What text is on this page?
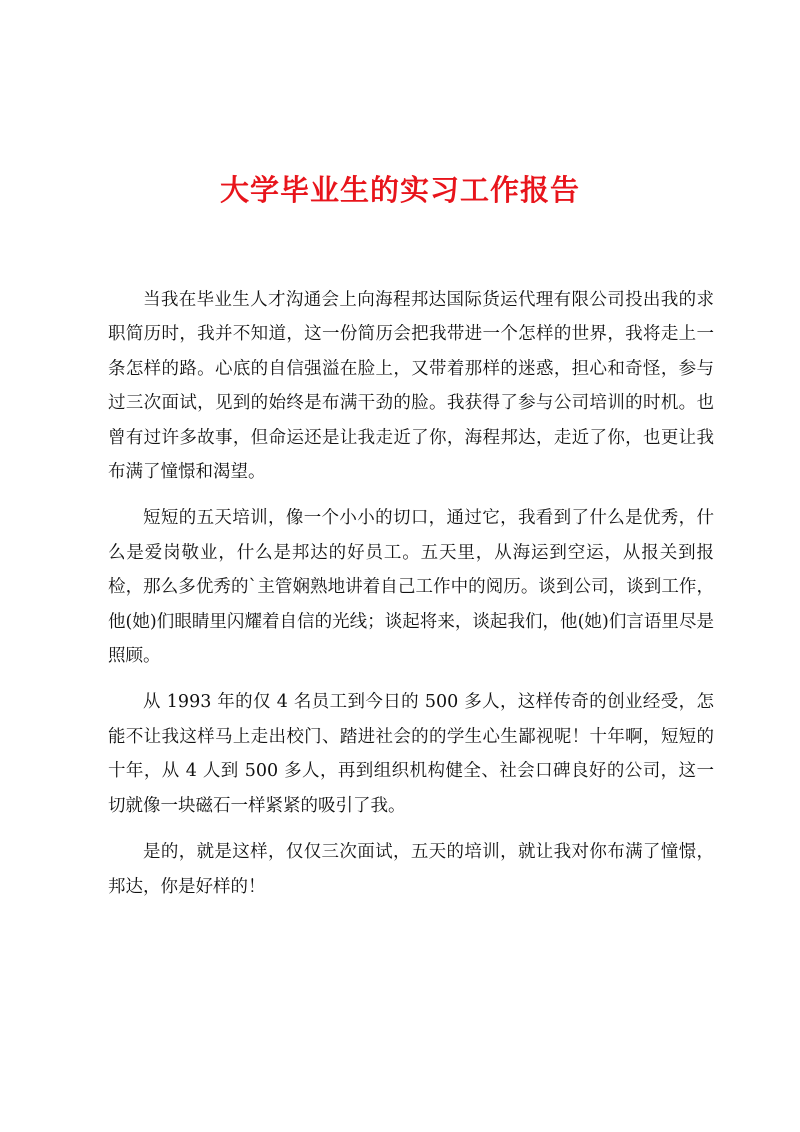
大学毕业生的实习工作报告

当我在毕业生人才沟通会上向海程邦达国际货运代理有限公司投出我的求职简历时，我并不知道，这一份简历会把我带进一个怎样的世界，我将走上一条怎样的路。心底的自信强溢在脸上，又带着那样的迷惑，担心和奇怪，参与过三次面试，见到的始终是布满干劲的脸。我获得了参与公司培训的时机。也曾有过许多故事，但命运还是让我走近了你，海程邦达，走近了你，也更让我布满了憧憬和渴望。

短短的五天培训，像一个小小的切口，通过它，我看到了什么是优秀，什么是爱岗敬业，什么是邦达的好员工。五天里，从海运到空运，从报关到报检，那么多优秀的`主管娴熟地讲着自己工作中的阅历。谈到公司，谈到工作，他(她)们眼睛里闪耀着自信的光线；谈起将来，谈起我们，他(她)们言语里尽是照顾。

从 1993 年的仅 4 名员工到今日的 500 多人，这样传奇的创业经受，怎能不让我这样马上走出校门、踏进社会的的学生心生鄙视呢！十年啊，短短的十年，从 4 人到 500 多人，再到组织机构健全、社会口碑良好的公司，这一切就像一块磁石一样紧紧的吸引了我。

是的，就是这样，仅仅三次面试，五天的培训，就让我对你布满了憧憬，邦达，你是好样的！
